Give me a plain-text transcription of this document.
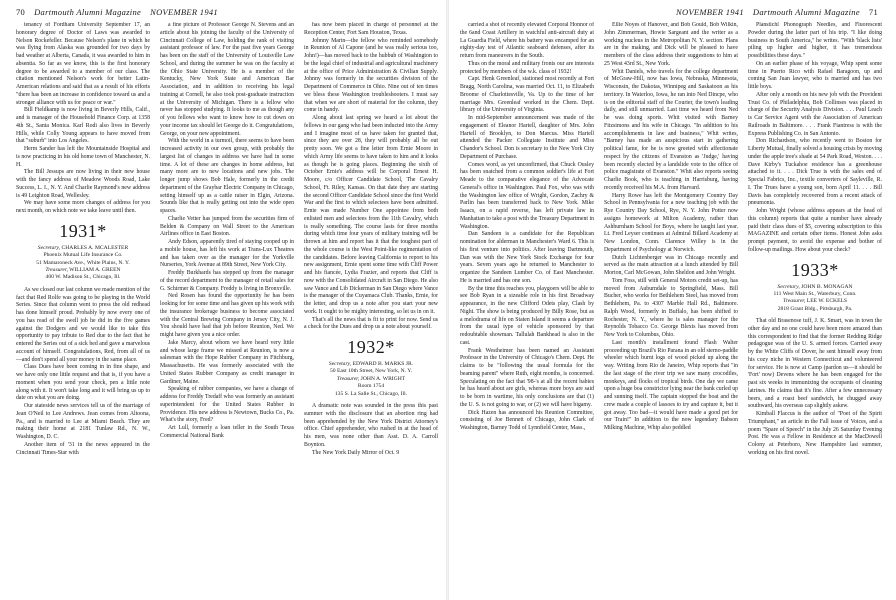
70 Dartmouth Alumni Magazine NOVEMBER 1941

tenancy of Fordham University September 17, an honorary degree of Doctor of Laws was awarded to Nelson Rockefeller. Because Nelson's plane in which he was flying from Alaska was grounded for two days by bad weather at Alberta, Canada, it was awarded to him in absentia. So far as we know, this is the first honorary degree to be awarded to a member of our class. The citation mentioned Nelson's work for better Latin-American relations and said that as a result of his efforts "there has been an increase in confidence toward us and a stronger alliance with us for peace or war."

Bill Fieldkamp is now living in Beverly Hills, Calif., and is manager of the Household Finance Corp. at 1358 4th St., Santa Monica. Karl Rodi also lives in Beverly Hills, while Colly Young appears to have moved from that "suburb" into Los Angeles.

Herm Sander has left the Mountainside Hospital and is now practicing in his old home town of Manchester, N. H.

The Bill Jessups are now living in their new house with the fancy address of Meadow Woods Road, Lake Success, L. I., N. Y. And Charlie Raymond's new address is 49 Leighton Road, Wellesley.

We may have some more changes of address for you next month, on which note we take leave until then.

1931*
Secretary, CHARLES A. MCALESTER
Phoenix Mutual Life Insurance Co.
51 Mamaroneck Ave., White Plains, N. Y.
Treasurer, WILLIAM A. GREEN
400 W. Madison St., Chicago, Ill.

As we closed our last column we made mention of the fact that Red Rolfe was going to be playing in the World Series. Since that column went to press the old redhead has done himself proud. Probably by now every one of you has read of the swell job he did in the five games against the Dodgers and we would like to take this opportunity to pay tribute to Red due to the fact that he entered the Series out of a sick bed and gave a marvelous account of himself. Congratulations, Red, from all of us—and don't spend all your money in the same place.

Class Dues have been coming in in fine shape, and we have only one little request and that is, if you have a moment when you send your check, pen a little note along with it. It won't take long and it will bring us up to date on what you are doing.

Our stateside news services tell us of the marriage of Jean O'Neil to Lee Andrews. Jean comes from Altoona, Pa., and is married to Lee at Miami Beach. They are making their home at 2181 Tunlaw Rd., N. W., Washington, D. C.

Another item of '31 in the news appeared in the Cincinnati Times-Star with

a fine picture of Professor George N. Stevens and an article about his joining the faculty of the University of Cincinnati College of Law, holding the rank of visiting assistant professor of law. For the past five years George has been on the staff of the University of Louisville Law School, and during the summer he was on the faculty at the Ohio State University. He is a member of the Kentucky, New York State and American Bar Association, and in addition to receiving his legal training at Cornell, he also took post-graduate instruction at the University of Michigan. There is a fellow who never has stopped studying. It looks to me as though any of you fellows who want to know how to cut down on your income tax should let George do it. Congratulations, George, on your new appointment.

With the world in a turmoil, there seems to have been increased activity in our own group, with probably the largest list of changes in address we have had in some time. A lot of these are changes in home address, but many more are to new locations and new jobs. The longer jump shows Bob Hale, formerly in the credit department of the Graybar Electric Company in Chicago, setting himself up as a cattle raiser in Elgin, Arizona. Sounds like that is really getting out into the wide open spaces.

Charlie Vetter has jumped from the securities firm of Belden & Company on Wall Street to the American Airlines office in East Boston.

Andy Edson, apparently tired of staying cooped up in a mobile house, has left his work at Trans-Lux Theatres and has taken over as the manager for the Yorkville Nurseries, York Avenue at 89th Street, New York City.

Freddy Burkhards has stepped up from the manager of the record department to the manager of retail sales for G. Schirmer & Company. Freddy is living in Bronxville.

Ned Rosen has found the opportunity he has been looking for for some time and has given up his work with the insurance brokerage business to become associated with the Central Brewing Company in Jersey City, N. J. You should have had that job before Reunion, Ned. We might have given you a nice order.

Jake Marcy, about whom we have heard very little and whose large frame we missed at Reunion, is now a salesman with the Hope Rubber Company in Fitchburg, Massachusetts. He was formerly associated with the United States Rubber Company as credit manager in Gardiner, Maine.

Speaking of rubber companies, we have a change of address for Freddy Tredaff who was formerly an assistant superintendent for the United States Rubber in Providence. His new address is Newtown, Bucks Co., Pa. What's the story, Fred?

Art Lull, formerly a loan teller in the South Texas Commercial National Bank

has now been placed in charge of personnel at the Reception Center, Fort Sam Houston, Texas.

Johnny Marin—the fellow who reminded somebody in Reunion of Al Capone (and he was really serious too, John!)—has moved back to the hubbub of Washington to be the legal chief of industrial and agricultural machinery at the office of Price Administration & Civilian Supply. Johnny was formerly in the securities division of the Department of Commerce in Ohio. Nine out of ten times we bless these Washington troubleshooters. I must say that when we are short of material for the column, they come in handy.

Along about last spring we heard a lot about the fellows in our gang who had been inducted into the Army and I imagine most of us have taken for granted that, since they are over 28, they will probably all be out pretty soon. We got a fine letter from Ernie Moore in which Army life seems to have taken to him and it looks as though he is going places. Beginning the sixth of October Ernie's address will be Corporal Ernest H. Moore, c/o Officer Candidate School, The Cavalry School, Ft. Riley, Kansas. On that date they are starting the second Officer Candidate School since the first World War and the first to which selectees have been admitted. Ernie was made Number One appointee from both enlisted men and selectees from the 11th Cavalry, which is really something. The course lasts for three months during which time four years of military training will be thrown at him and report has it that the toughest part of the whole course is the West Point-like regimentation of the candidates. Before leaving California to report to his new assignment, Ernie spent some time with Cliff Power and his fiancée, Lydia Frazier, and reports that Cliff is now with the Consolidated Aircraft in San Diego. He also saw Vance and Lib Dickerman in San Diego where Vance is the manager of the Cuyamaca Club. Thanks, Ernie, for the letter, and drop us a note after you start your new work. It ought to be mighty interesting, so let us in on it.

That's all the news that is fit to print for now. Send us a check for the Dues and drop us a note about yourself.

1932*
Secretary, EDWARD B. MARKS JR.
50 East 10th Street, New York, N. Y.
Treasurer, JOHN A. WRIGHT
Room 1754
135 S. La Salle St., Chicago, Ill.

A dramatic note was sounded in the press this past summer with the disclosure that an abortion ring had been apprehended by the New York District Attorney's office. Chief apprehender, who rushed in at the head of his men, was none other than Asst. D. A. Carroll Boynton.

The New York Daily Mirror of Oct. 9

NOVEMBER 1941 Dartmouth Alumni Magazine 71

carried a shot of recently elevated Corporal Honnor of the 6and Coast Artillery in watchful anti-aircraft duty at La Guardia Field, where his battery was encamped for an eighty-day test of Atlantic seaboard defenses, after its return from maneuvers in the South.

Thus on the moral and military fronts our are interests protected by members of the w.k. class of 1932!

Capt. Henk Greenleaf, stationed most recently at Fort Bragg, North Carolina, was married Oct. 11, to Elizabeth Broome of Charlottesville, Va. Up to the time of her marriage Mrs. Greenleaf worked in the Chem. Dept. library of the University of Virginia.

In mid-September announcement was made of the engagement of Eleanor Hartell, daughter of Mrs. John Hartell of Brooklyn, to Don Marcus. Miss Hartell attended the Packer Collegiate Institute and Miss Chandor's School. Don is secretary to the New York City Department of Purchase.

Comes word, as yet unconfirmed, that Chuck Ousley has been snatched from a common soldier's life at Fort Meade to the comparative elegance of the Advocate General's office in Washington. Paul Fox, who was with the Washington law office of Wright, Gordon, Zachry & Parlin has been transferred back to New York. Mike Isaacs, on a rapid reverse, has left private law in Manhattan to take a post with the Treasury Department in Washington.

Dan Sandeen is a candidate for the Republican nomination for alderman in Manchester's Ward 6. This is his first venture into politics. After leaving Dartmouth, Dan was with the New York Stock Exchange for four years. Seven years ago he returned to Manchester to organize the Sandeen Lumber Co. of East Manchester. He is married and has one son.

By the time this reaches you, playgoers will be able to see Bob Ryan in a sizeable role in his first Broadway appearance, in the new Clifford Odets play, Clash by Night. The show is being produced by Billy Rose, but as a melodrama of life on Staten Island it seems a departure from the usual type of vehicle sponsored by that redoubtable showman. Tallulah Bankhead is also in the cast.

Frank Westheimer has been named an Assistant Professor in the University of Chicago's Chem. Dept. He claims to be "following the usual formula for the beaming parent" where Ruth, eight months, is concerned. Speculating on the fact that '98-'s at all the recent babies he has heard about are girls, whereas more boys are said to be born in wartime, his only conclusions are that (1) the U. S. is not going to war, or (2) we will have bigamy.

Dick Hazen has announced his Reunion Committee, consisting of Joe Bennett of Chicago, John Clark of Washington, Barney Todd of Lynnfield Center, Mass.,

Ellie Noyes of Hanover, and Bob Gould, Bob Wilkin, John Zimmerman, Howie Sargeant and the writer as a working nucleus in the Metropolitan N. Y. section. Plans are in the making, and Dick will be pleased to have members of the class address their suggestions to him at 25 West 43rd St., New York.

Whit Daniels, who travels for the college department of McGraw-Hill, now has Iowa, Nebraska, Minnesota, Wisconsin, the Dakotas, Winnipeg and Saskatoon as his territory. In Waterloo, Iowa, he ran into Ned Dincpe, who is on the editorial staff of the Courier, the town's leading daily, and still unmarried. Last time we heard from Ned he was doing sports. Whit visited with Barney Fitzsimons and his wife in Chicago. "In addition to his accomplishments in law and business," Whit writes, "Barney has made an auspicious start in gathering political fame, for he is now greeted with affectionate respect by the citizens of Evanston as 'Judge,' having been recently elected by a landslide vote to the office of police magistrate of Evanston." Whit also reports seeing Charlie Book, who is teaching in Harrisburg, having recently received his M.A. from Harvard.

Harry Rowe has left the Montgomery Country Day School in Pennsylvania for a new teaching job with the Rye Country Day School, Rye, N. Y. John Potter now assigns homework at Milton Academy, rather than Ashburnham School for Boys, where he taught last year. Lt. Fred Leyser continues at Admiral Billard Academy at New London, Conn. Clarence Willey is in the Department of Psychology at Norwich.

Dutch Lichtenberger was in Chicago recently and served as the main attraction at a lunch attended by Bill Morton, Carl McGowan, John Sheldon and John Wright.

Tom Foss, still with General Motors credit set-up, has moved from Auburndale to Springfield, Mass. Bill Bucher, who works for Bethlehem Steel, has moved from Bethlehem, Pa. to 4307 Marble Hall Rd., Baltimore. Ralph Wood, formerly in Buffalo, has been shifted to Rochester, N. Y., where he is sales manager for the Reynolds Tobacco Co. George Blexis has moved from New York to Columbus, Ohio.

Last month's installment found Flash Walter proceeding up Brazil's Rio Parana in an old sterno-paddle wheeler which burnt logs of wood picked up along the way. Writing from Rio de Janeiro, Whip reports that "in the last stage of the river trip we saw many crocodiles, monkeys, and flocks of tropical birds. One day we came upon a huge boa constrictor lying near the bank curled up and sunning itself. The captain stopped the boat and the crew made a couple of lassoes to try and capture it, but it got away. Too bad—it would have made a good pet for our Train!" In addition to the now legendary Babson Milking Machine, Whip also peddled

Planstichl Phonograph Needles, and Fluorescent Powder during the latter part of his trip. "I like doing business in South America," he writes. "With 'black lists' piling up higher and higher, it has tremendous possibilities these days."

On an earlier phase of his voyage, Whip spent some time in Puerto Rico with Rafael Baragoon, up and coming San Juan lawyer, who is married and has two little boys.

After only a month on his new job with the Provident Trust Co. of Philadelphia, Bob Collinses was placed in charge of the Security Analysis Division. . . . Paul Leach is Car Service Agent with the Association of American Railroads in Baltimore. . . . Frank Fiantress is with the Express Publishing Co. in San Antonio.

Don Richardson, who recently went to Boston for Liberty Mutual, finally solved a housing crisis by moving under the apple tree's shade at 54 Park Road, Weston. . . . Dave Kirby's Tuckahoe residence has a greenhouse attached to it. . . . Dick True is with the sales end of Special Fabrics, Inc., textile converters of Sayleville, R. I. The Trues have a young son, born April 11. . . . Bill Davis has completely recovered from a recent attack of pneumonia.

John Wright (whose address appears at the head of this column) reports that quite a number have already paid their class dues of $5, covering subscription to this MAGAZINE and certain other items. Honest John asks prompt payment, to avoid the expense and bother of follow-up mailings. How about your check?

1933*
Secretary, JOHN B. MONAGAN
111 West Main St., Waterbury, Conn.
Treasurer, LEE W. ECKELS
2818 Grant Bldg., Pittsburgh, Pa.

That old Brasenose tuff, J. K. Smart, was in town the other day and no one could have been more amazed than this correspondent to find that the former Redding Ridge pedagogue was of the U. S. armed forces. Carried away by the White Cliffs of Dover, he sent himself away from his cozy niche in Western Connecticut and volunteered for service. He is now at Camp (pardon us—it should be 'Fort' now) Devens where he has been engaged for the past six weeks in immunizing the occupants of cleaning latrines. He claims that it's fine. After a few unnecessary beers, and a roast beef sandwich, he chugged away southward, his overseas cap slightly askew.

Kimball Flaccus is the author of "Poet of the Spirit Triumphant," an article in the Fall issue of Voices, and a poem "Spare of Speech" in the July 26 Saturday Evening Post. He was a Fellow in Residence at the MacDowell Colony at Peterboro, New Hampshire last summer, working on his first novel.
